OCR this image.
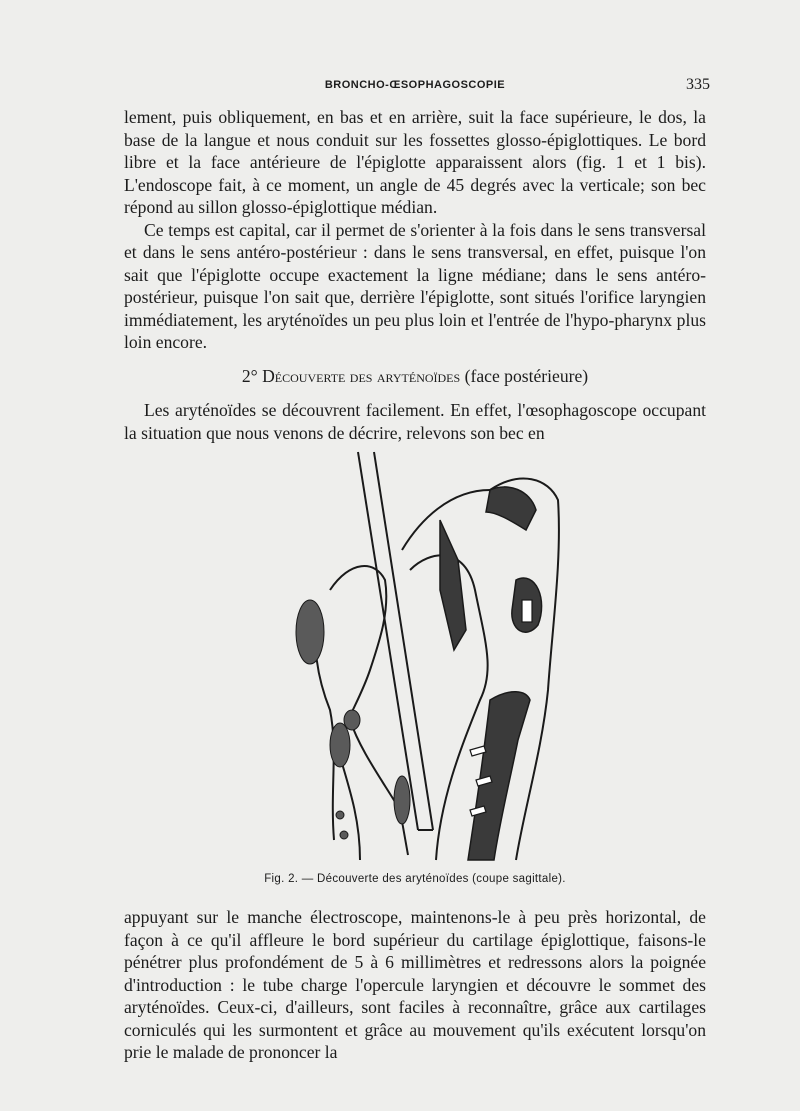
BRONCHO-ŒSOPHAGOSCOPIE	335

lement, puis obliquement, en bas et en arrière, suit la face supérieure, le dos, la base de la langue et nous conduit sur les fossettes glosso-épiglottiques. Le bord libre et la face antérieure de l'épiglotte apparaissent alors (fig. 1 et 1 bis). L'endoscope fait, à ce moment, un angle de 45 degrés avec la verticale; son bec répond au sillon glosso-épiglottique médian.

Ce temps est capital, car il permet de s'orienter à la fois dans le sens transversal et dans le sens antéro-postérieur : dans le sens transversal, en effet, puisque l'on sait que l'épiglotte occupe exactement la ligne médiane; dans le sens antéro-postérieur, puisque l'on sait que, derrière l'épiglotte, sont situés l'orifice laryngien immédiatement, les aryténoïdes un peu plus loin et l'entrée de l'hypo-pharynx plus loin encore.

2° Découverte des aryténoïdes (face postérieure)

Les aryténoïdes se découvrent facilement. En effet, l'œsophagoscope occupant la situation que nous venons de décrire, relevons son bec en

Fig. 2. — Découverte des aryténoïdes (coupe sagittale).

appuyant sur le manche électroscope, maintenons-le à peu près horizontal, de façon à ce qu'il affleure le bord supérieur du cartilage épiglottique, faisons-le pénétrer plus profondément de 5 à 6 millimètres et redressons alors la poignée d'introduction : le tube charge l'opercule laryngien et découvre le sommet des aryténoïdes. Ceux-ci, d'ailleurs, sont faciles à reconnaître, grâce aux cartilages corniculés qui les surmontent et grâce au mouvement qu'ils exécutent lorsqu'on prie le malade de prononcer la
